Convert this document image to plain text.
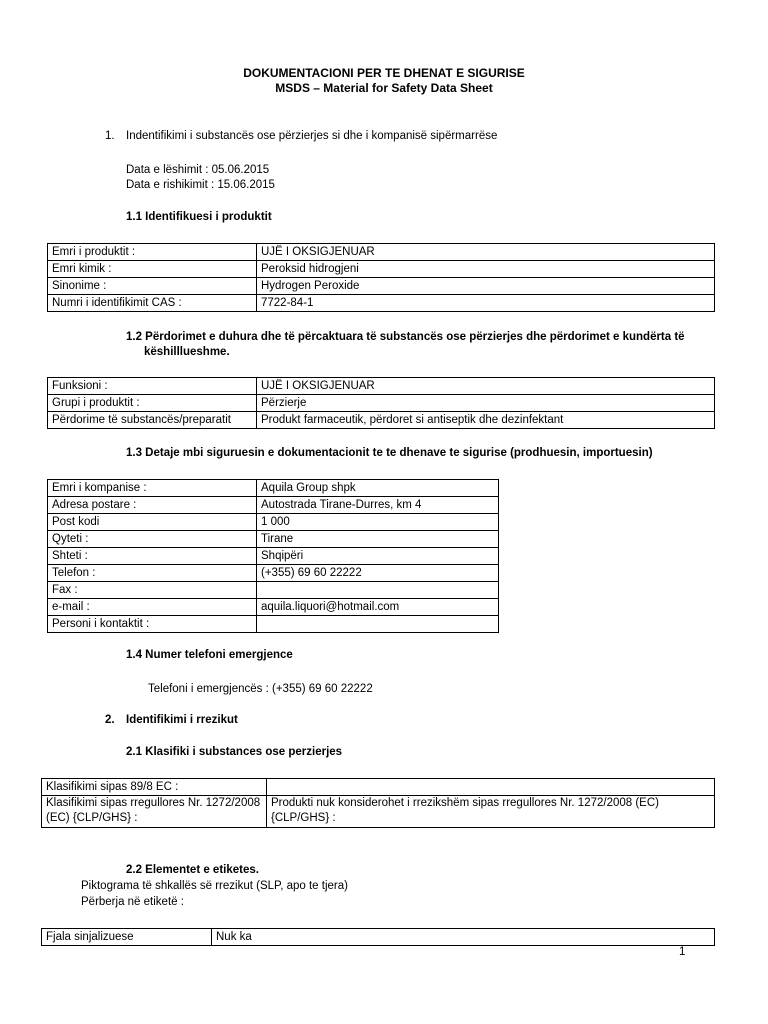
DOKUMENTACIONI PER TE DHENAT E SIGURISE
MSDS – Material for Safety Data Sheet
1. Indentifikimi i substancës ose përzierjes si dhe i kompanisë sipërmarrëse
Data e lëshimit : 05.06.2015
Data e rishikimit : 15.06.2015
1.1 Identifikuesi i produktit
Emri i produktit :	UJË I OKSIGJENUAR
Emri kimik :	Peroksid hidrogjeni
Sinonime :	Hydrogen Peroxide
Numri i identifikimit CAS :	7722-84-1
1.2 Përdorimet e duhura dhe të përcaktuara të substancës ose përzierjes dhe përdorimet e kundërta të
këshilllueshme.
Funksioni :	UJË I OKSIGJENUAR
Grupi i produktit :	Përzierje
Përdorime të substancës/preparatit	Produkt farmaceutik, përdoret si antiseptik dhe dezinfektant
1.3 Detaje mbi siguruesin e dokumentacionit te te dhenave te sigurise (prodhuesin, importuesin)
Emri i kompanise :	Aquila Group shpk
Adresa postare :	Autostrada Tirane-Durres, km 4
Post kodi	1 000
Qyteti :	Tirane
Shteti :	Shqipëri
Telefon :	(+355) 69 60 22222
Fax :	
e-mail :	aquila.liquori@hotmail.com
Personi i kontaktit :	
1.4 Numer telefoni emergjence
Telefoni i emergjencës : (+355) 69 60 22222
2. Identifikimi i rrezikut
2.1 Klasifiki i substances ose perzierjes
Klasifikimi sipas 89/8 EC :	
Klasifikimi sipas rregullores Nr. 1272/2008 (EC) {CLP/GHS} :	Produkti nuk konsiderohet i rrezikshëm sipas rregullores Nr. 1272/2008 (EC) {CLP/GHS} :
2.2 Elementet e etiketes.
Piktograma të shkallës së rrezikut (SLP, apo te tjera)
Përberja në etiketë :
Fjala sinjalizuese	Nuk ka
1
